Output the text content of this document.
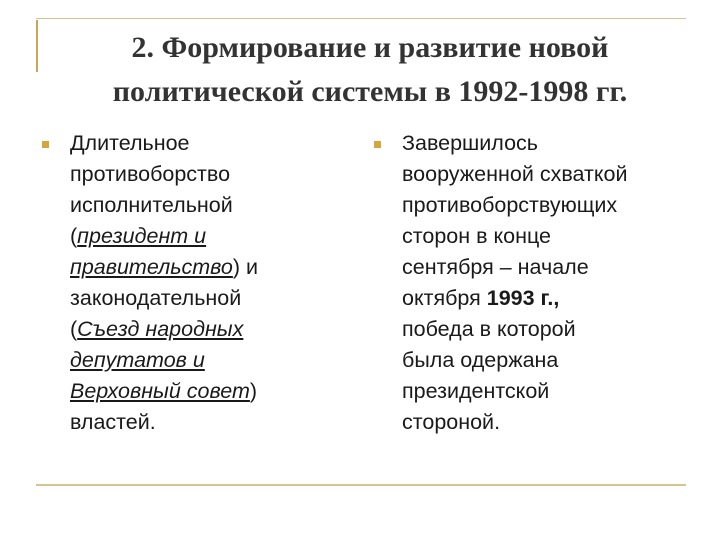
2. Формирование и развитие новой
политической системы в 1992-1998 гг.
Длительное
противоборство
исполнительной
(президент и
правительство) и
законодательной
(Съезд народных
депутатов и
Верховный совет)
властей.
Завершилось
вооруженной схваткой
противоборствующих
сторон в конце
сентября – начале
октября 1993 г.,
победа в которой
была одержана
президентской
стороной.
